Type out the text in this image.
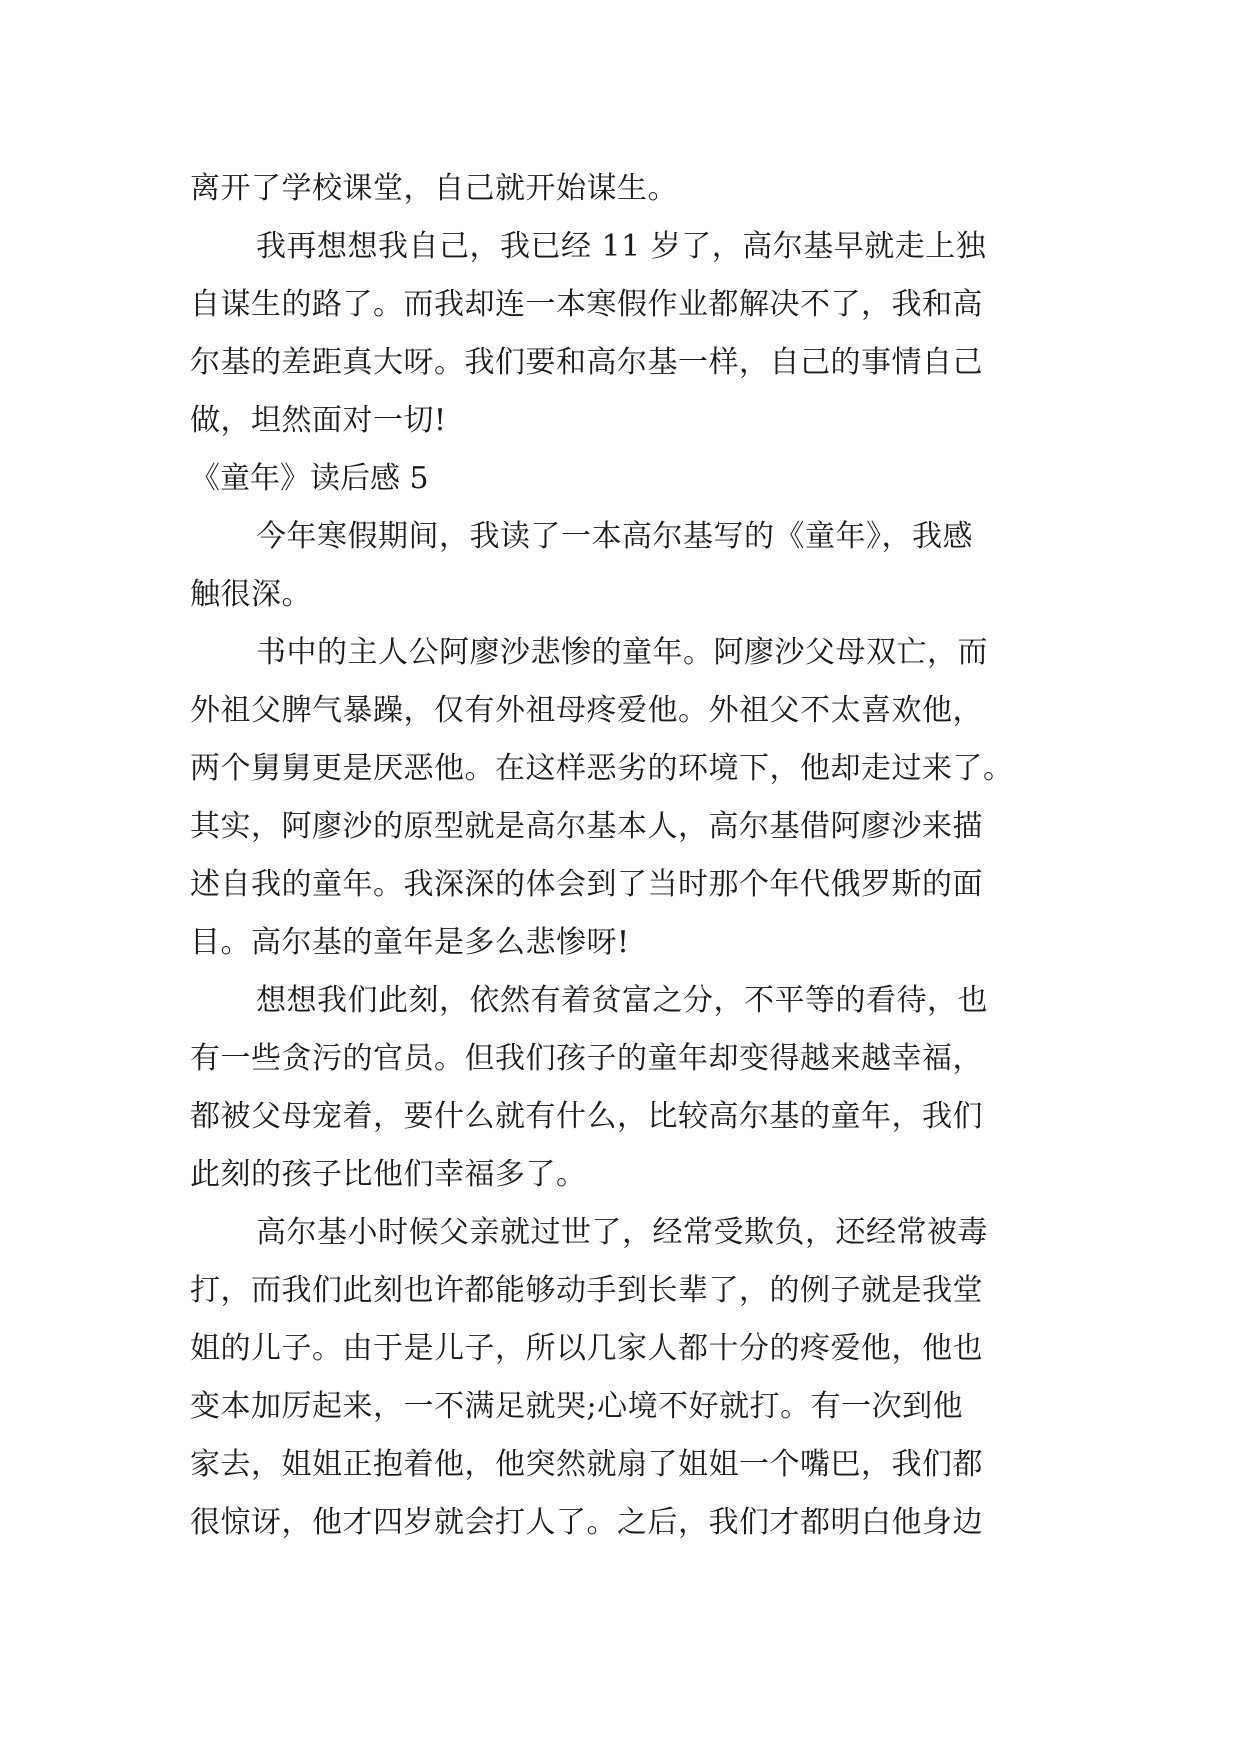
离开了学校课堂，自己就开始谋生。
我再想想我自己，我已经 11 岁了，高尔基早就走上独
自谋生的路了。而我却连一本寒假作业都解决不了，我和高
尔基的差距真大呀。我们要和高尔基一样，自己的事情自己
做，坦然面对一切!
《童年》读后感 5
今年寒假期间，我读了一本高尔基写的《童年》，我感
触很深。
书中的主人公阿廖沙悲惨的童年。阿廖沙父母双亡，而
外祖父脾气暴躁，仅有外祖母疼爱他。外祖父不太喜欢他，
两个舅舅更是厌恶他。在这样恶劣的环境下，他却走过来了。
其实，阿廖沙的原型就是高尔基本人，高尔基借阿廖沙来描
述自我的童年。我深深的体会到了当时那个年代俄罗斯的面
目。高尔基的童年是多么悲惨呀!
想想我们此刻，依然有着贫富之分，不平等的看待，也
有一些贪污的官员。但我们孩子的童年却变得越来越幸福，
都被父母宠着，要什么就有什么，比较高尔基的童年，我们
此刻的孩子比他们幸福多了。
高尔基小时候父亲就过世了，经常受欺负，还经常被毒
打，而我们此刻也许都能够动手到长辈了，的例子就是我堂
姐的儿子。由于是儿子，所以几家人都十分的疼爱他，他也
变本加厉起来，一不满足就哭;心境不好就打。有一次到他
家去，姐姐正抱着他，他突然就扇了姐姐一个嘴巴，我们都
很惊讶，他才四岁就会打人了。之后，我们才都明白他身边
